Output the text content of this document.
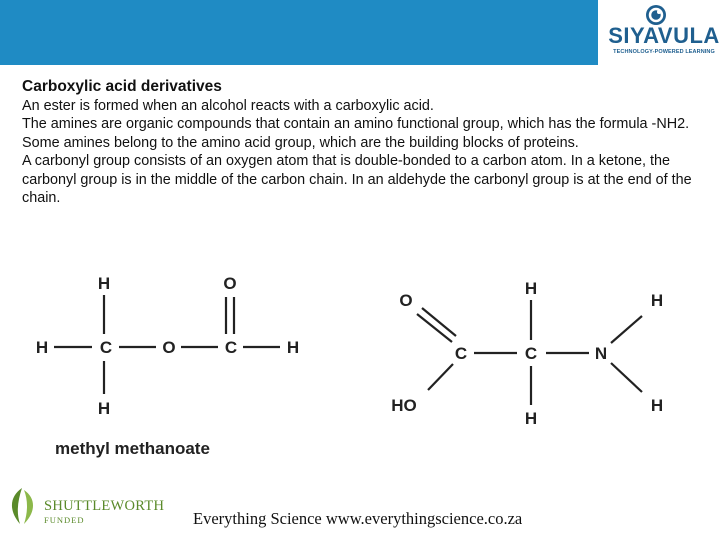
SIYAVULA
TECHNOLOGY-POWERED LEARNING

Carboxylic acid derivatives

An ester is formed when an alcohol reacts with a carboxylic acid.

The amines are organic compounds that contain an amino functional group, which has the formula -NH2. Some amines belong to the amino acid group, which are the building blocks of proteins.

A carbonyl group consists of an oxygen atom that is double-bonded to a carbon atom. In a ketone, the carbonyl group is in the middle of the carbon chain. In an aldehyde the carbonyl group is at the end of the chain.

H	O
H	C	O	C	H
H
O
H
H
C	C	N
HO
H
H
methyl methanoate
SHUTTLEWORTH
FUNDED	Everything Science www.everythingscience.co.za
